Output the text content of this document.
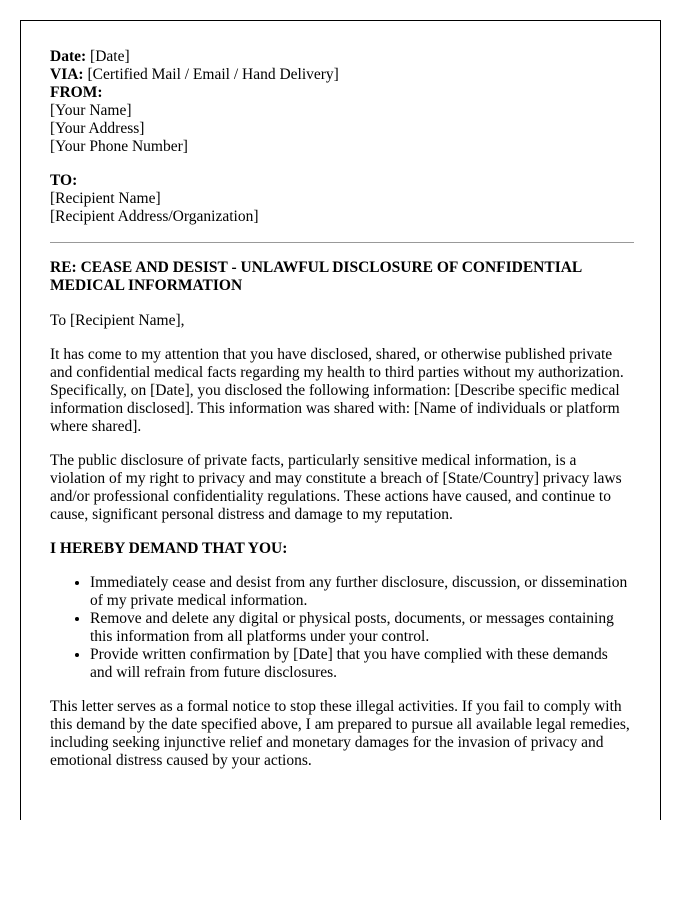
Date: [Date]

VIA: [Certified Mail / Email / Hand Delivery]

FROM:
[Your Name]
[Your Address]
[Your Phone Number]
TO:
[Recipient Name]
[Recipient Address/Organization]

RE: CEASE AND DESIST - UNLAWFUL DISCLOSURE OF CONFIDENTIAL MEDICAL INFORMATION

To [Recipient Name],

It has come to my attention that you have disclosed, shared, or otherwise published private and confidential medical facts regarding my health to third parties without my authorization. Specifically, on [Date], you disclosed the following information: [Describe specific medical information disclosed]. This information was shared with: [Name of individuals or platform where shared].

The public disclosure of private facts, particularly sensitive medical information, is a violation of my right to privacy and may constitute a breach of [State/Country] privacy laws and/or professional confidentiality regulations. These actions have caused, and continue to cause, significant personal distress and damage to my reputation.

I HEREBY DEMAND THAT YOU:

• Immediately cease and desist from any further disclosure, discussion, or dissemination of my private medical information.
• Remove and delete any digital or physical posts, documents, or messages containing this information from all platforms under your control.
• Provide written confirmation by [Date] that you have complied with these demands and will refrain from future disclosures.

This letter serves as a formal notice to stop these illegal activities. If you fail to comply with this demand by the date specified above, I am prepared to pursue all available legal remedies, including seeking injunctive relief and monetary damages for the invasion of privacy and emotional distress caused by your actions.
